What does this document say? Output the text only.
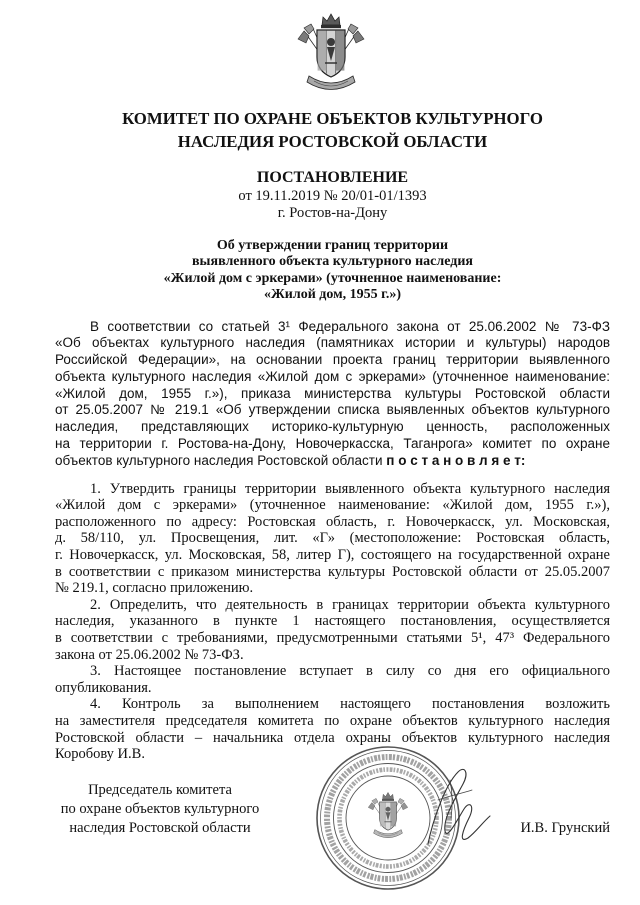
КОМИТЕТ ПО ОХРАНЕ ОБЪЕКТОВ КУЛЬТУРНОГО
НАСЛЕДИЯ РОСТОВСКОЙ ОБЛАСТИ
ПОСТАНОВЛЕНИЕ
от 19.11.2019 № 20/01-01/1393
г. Ростов-на-Дону
Об утверждении границ территории
выявленного объекта культурного наследия
«Жилой дом с эркерами» (уточненное наименование:
«Жилой дом, 1955 г.»)
В соответствии со статьей 3¹ Федерального закона от 25.06.2002 № 73-ФЗ
«Об объектах культурного наследия (памятниках истории и культуры) народов
Российской Федерации», на основании проекта границ территории выявленного
объекта культурного наследия «Жилой дом с эркерами» (уточненное наименование:
«Жилой дом, 1955 г.»), приказа министерства культуры Ростовской области
от 25.05.2007 № 219.1 «Об утверждении списка выявленных объектов культурного
наследия, представляющих историко-культурную ценность, расположенных
на территории г. Ростова-на-Дону, Новочеркасска, Таганрога» комитет по охране
объектов культурного наследия Ростовской области п о с т а н о в л я е т:
1. Утвердить границы территории выявленного объекта культурного наследия
«Жилой дом с эркерами» (уточненное наименование: «Жилой дом, 1955 г.»),
расположенного по адресу: Ростовская область, г. Новочеркасск, ул. Московская,
д. 58/110, ул. Просвещения, лит. «Г» (местоположение: Ростовская область,
г. Новочеркасск, ул. Московская, 58, литер Г), состоящего на государственной охране
в соответствии с приказом министерства культуры Ростовской области от 25.05.2007
№ 219.1, согласно приложению.
2. Определить, что деятельность в границах территории объекта культурного
наследия, указанного в пункте 1 настоящего постановления, осуществляется
в соответствии с требованиями, предусмотренными статьями 5¹, 47³ Федерального
закона от 25.06.2002 № 73-ФЗ.
3. Настоящее постановление вступает в силу со дня его официального
опубликования.
4. Контроль за выполнением настоящего постановления возложить
на заместителя председателя комитета по охране объектов культурного наследия
Ростовской области – начальника отдела охраны объектов культурного наследия
Коробову И.В.
Председатель комитета
по охране объектов культурного
наследия Ростовской области	И.В. Грунский
